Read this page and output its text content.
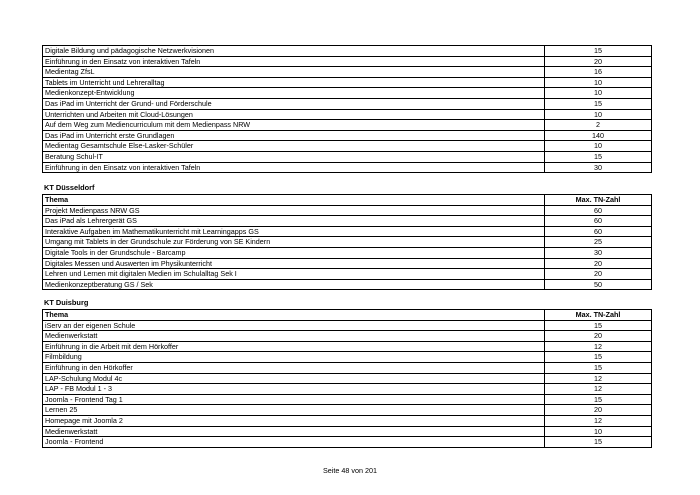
Digitale Bildung und pädagogische Netzwerkvisionen	15
Einführung in den Einsatz von interaktiven Tafeln	20
Medientag ZfsL	16
Tablets im Unterricht und Lehreralltag	10
Medienkonzept-Entwicklung	10
Das iPad im Unterricht der Grund- und Förderschule	15
Unterrichten und Arbeiten mit Cloud-Lösungen	10
Auf dem Weg zum Mediencurriculum mit dem Medienpass NRW	2
Das iPad im Unterricht erste Grundlagen	140
Medientag Gesamtschule Else-Lasker-Schüler	10
Beratung Schul-IT	15
Einführung in den Einsatz von interaktiven Tafeln	30
KT Düsseldorf
Thema	Max. TN-Zahl
Projekt Medienpass NRW GS	60
Das iPad als Lehrergerät GS	60
Interaktive Aufgaben im Mathematikunterricht mit Learningapps GS	60
Umgang mit Tablets in der Grundschule zur Förderung von SE Kindern	25
Digitale Tools in der Grundschule - Barcamp	30
Digitales Messen und Auswerten im Physikunterricht	20
Lehren und Lernen mit digitalen Medien im Schulalltag Sek I	20
Medienkonzeptberatung GS / Sek	50
KT Duisburg
Thema	Max. TN-Zahl
iServ an der eigenen Schule	15
Medienwerkstatt	20
Einführung in die Arbeit mit dem Hörkoffer	12
Filmbildung	15
Einführung in den Hörkoffer	15
LAP-Schulung Modul 4c	12
LAP - FB Modul 1 - 3	12
Joomla - Frontend Tag 1	15
Lernen 25	20
Homepage mit Joomla 2	12
Medienwerkstatt	10
Joomla - Frontend	15
Seite 48 von 201
